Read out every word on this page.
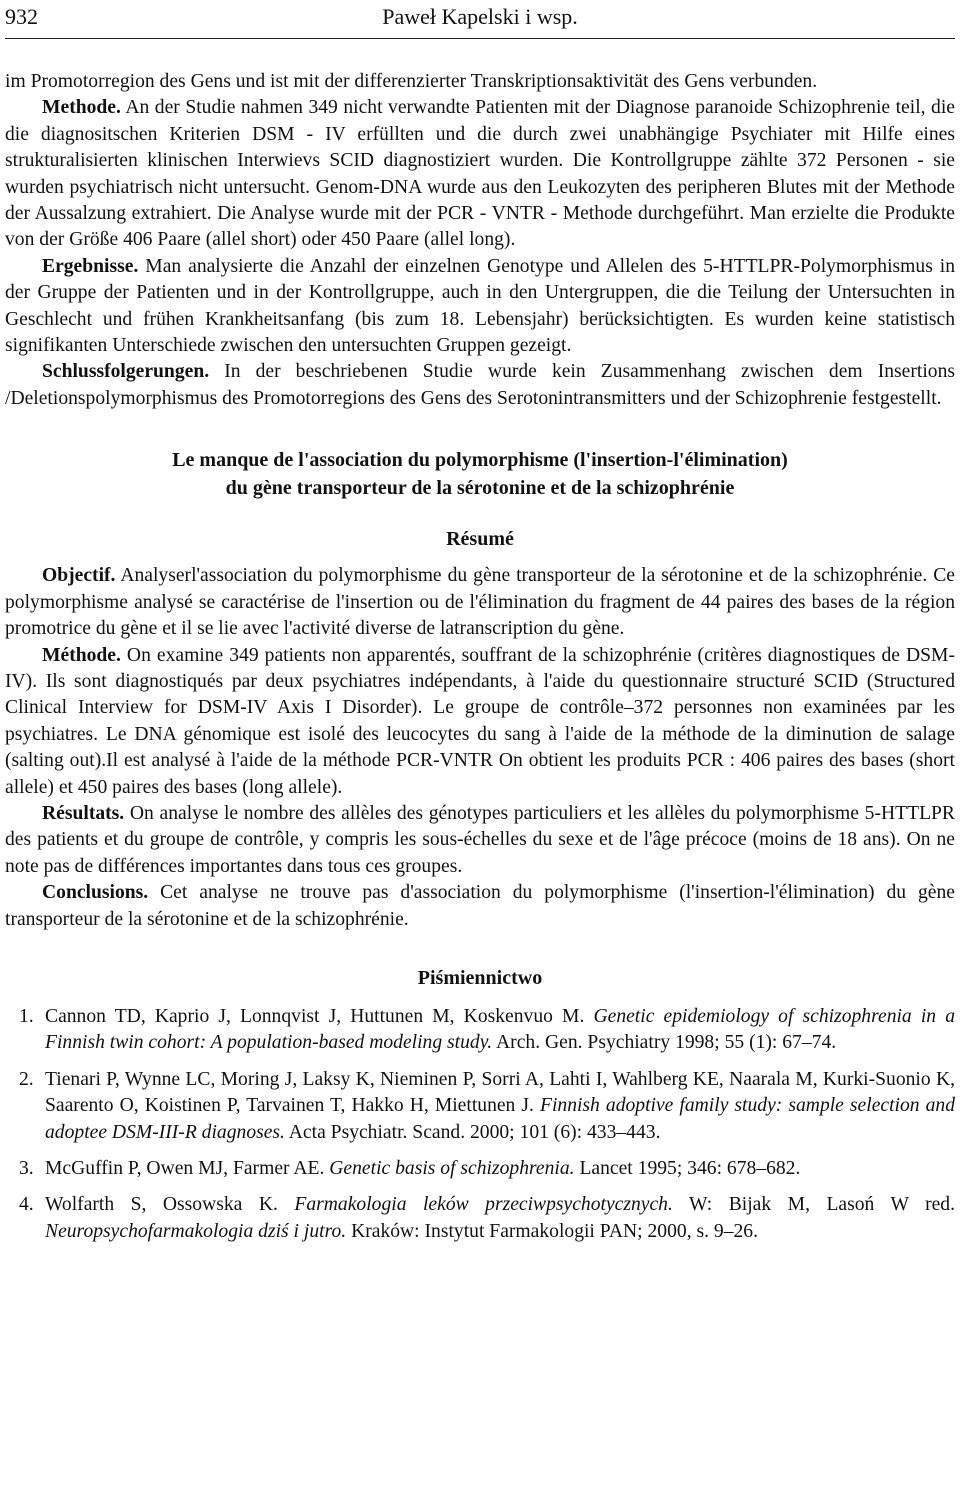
932	Paweł Kapelski i wsp.

im Promotorregion des Gens und ist mit der differenzierter Transkriptionsaktivität des Gens verbunden.

Methode. An der Studie nahmen 349 nicht verwandte Patienten mit der Diagnose paranoide Schizophrenie teil, die die diagnositschen Kriterien DSM - IV erfüllten und die durch zwei unabhängige Psychiater mit Hilfe eines strukturalisierten klinischen Interwievs SCID diagnostiziert wurden. Die Kontrollgruppe zählte 372 Personen - sie wurden psychiatrisch nicht untersucht. Genom-DNA wurde aus den Leukozyten des peripheren Blutes mit der Methode der Aussalzung extrahiert. Die Analyse wurde mit der PCR - VNTR - Methode durchgeführt. Man erzielte die Produkte von der Größe 406 Paare (allel short) oder 450 Paare (allel long).

Ergebnisse. Man analysierte die Anzahl der einzelnen Genotype und Allelen des 5-HTTLPR-Polymorphismus in der Gruppe der Patienten und in der Kontrollgruppe, auch in den Untergruppen, die die Teilung der Untersuchten in Geschlecht und frühen Krankheitsanfang (bis zum 18. Lebensjahr) berücksichtigten. Es wurden keine statistisch signifikanten Unterschiede zwischen den untersuchten Gruppen gezeigt.

Schlussfolgerungen. In der beschriebenen Studie wurde kein Zusammenhang zwischen dem Insertions /Deletionspolymorphismus des Promotorregions des Gens des Serotonintransmitters und der Schizophrenie festgestellt.

Le manque de l'association du polymorphisme (l'insertion-l'élimination)
du gène transporteur de la sérotonine et de la schizophrénie
Résumé

Objectif. Analyserl'association du polymorphisme du gène transporteur de la sérotonine et de la schizophrénie. Ce polymorphisme analysé se caractérise de l'insertion ou de l'élimination du fragment de 44 paires des bases de la région promotrice du gène et il se lie avec l'activité diverse de latranscription du gène.

Méthode. On examine 349 patients non apparentés, souffrant de la schizophrénie (critères diagnostiques de DSM-IV). Ils sont diagnostiqués par deux psychiatres indépendants, à l'aide du questionnaire structuré SCID (Structured Clinical Interview for DSM-IV Axis I Disorder). Le groupe de contrôle–372 personnes non examinées par les psychiatres. Le DNA génomique est isolé des leucocytes du sang à l'aide de la méthode de la diminution de salage (salting out).Il est analysé à l'aide de la méthode PCR-VNTR On obtient les produits PCR : 406 paires des bases (short allele) et 450 paires des bases (long allele).

Résultats. On analyse le nombre des allèles des génotypes particuliers et les allèles du polymorphisme 5-HTTLPR des patients et du groupe de contrôle, y compris les sous-échelles du sexe et de l'âge précoce (moins de 18 ans). On ne note pas de différences importantes dans tous ces groupes.

Conclusions. Cet analyse ne trouve pas d'association du polymorphisme (l'insertion-l'élimination) du gène transporteur de la sérotonine et de la schizophrénie.

Piśmiennictwo
1. Cannon TD, Kaprio J, Lonnqvist J, Huttunen M, Koskenvuo M. Genetic epidemiology of schizophrenia in a Finnish twin cohort: A population-based modeling study. Arch. Gen. Psychiatry 1998; 55 (1): 67–74.
2. Tienari P, Wynne LC, Moring J, Laksy K, Nieminen P, Sorri A, Lahti I, Wahlberg KE, Naarala M, Kurki-Suonio K, Saarento O, Koistinen P, Tarvainen T, Hakko H, Miettunen J. Finnish adoptive family study: sample selection and adoptee DSM-III-R diagnoses. Acta Psychiatr. Scand. 2000; 101 (6): 433–443.
3. McGuffin P, Owen MJ, Farmer AE. Genetic basis of schizophrenia. Lancet 1995; 346: 678–682.
4. Wolfarth S, Ossowska K. Farmakologia leków przeciwpsychotycznych. W: Bijak M, Lasoń W red. Neuropsychofarmakologia dziś i jutro. Kraków: Instytut Farmakologii PAN; 2000, s. 9–26.
